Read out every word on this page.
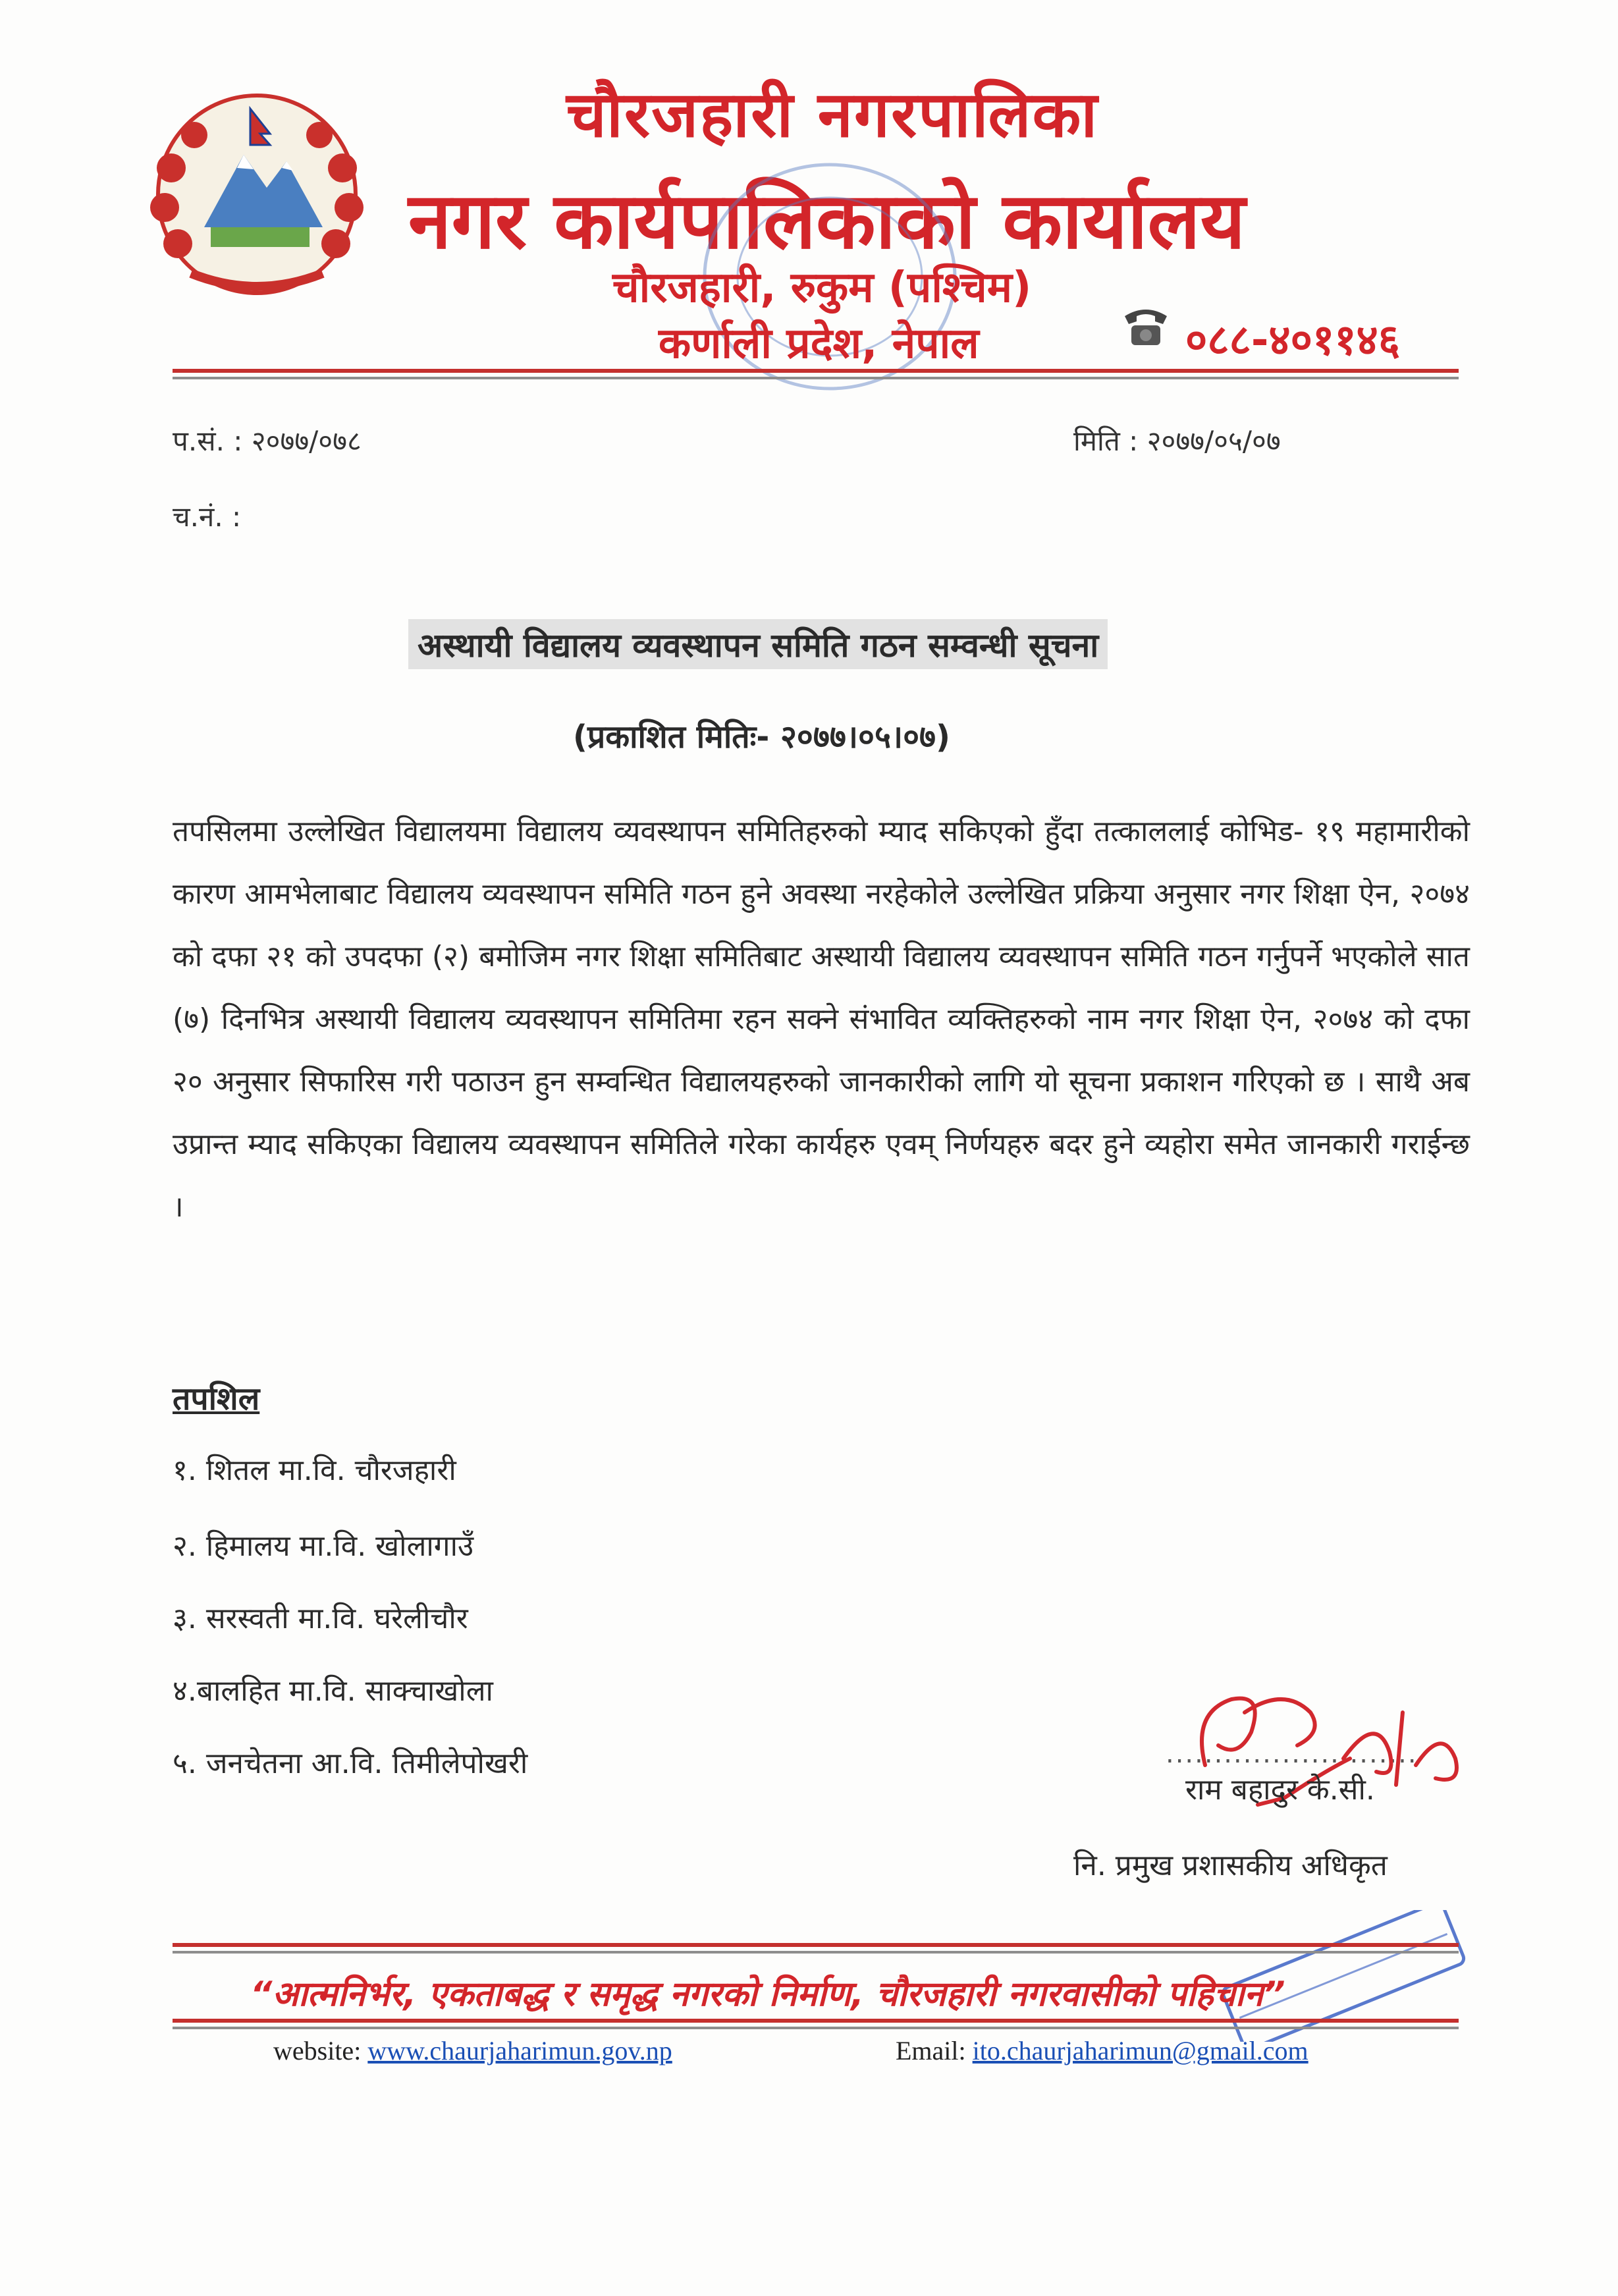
चौरजहारी नगरपालिका
नगर कार्यपालिकाको कार्यालय
चौरजहारी, रुकुम (पश्चिम)
कर्णाली प्रदेश, नेपाल	०८८-४०११४६
प.सं. : २०७७/०७८	मिति : २०७७/०५/०७
च.नं. :
अस्थायी विद्यालय व्यवस्थापन समिति गठन सम्वन्धी सूचना
(प्रकाशित मितिः- २०७७।०५।०७)
तपसिलमा उल्लेखित विद्यालयमा विद्यालय व्यवस्थापन समितिहरुको म्याद सकिएको हुँदा तत्काललाई कोभिड- १९ महामारीको कारण आमभेलाबाट विद्यालय व्यवस्थापन समिति गठन हुने अवस्था नरहेकोले उल्लेखित प्रक्रिया अनुसार नगर शिक्षा ऐन, २०७४ को दफा २१ को उपदफा (२) बमोजिम नगर शिक्षा समितिबाट अस्थायी विद्यालय व्यवस्थापन समिति गठन गर्नुपर्ने भएकोले सात (७) दिनभित्र अस्थायी विद्यालय व्यवस्थापन समितिमा रहन सक्ने संभावित व्यक्तिहरुको नाम नगर शिक्षा ऐन, २०७४ को दफा २० अनुसार सिफारिस गरी पठाउन हुन सम्वन्धित विद्यालयहरुको जानकारीको लागि यो सूचना प्रकाशन गरिएको छ । साथै अब उप्रान्त म्याद सकिएका विद्यालय व्यवस्थापन समितिले गरेका कार्यहरु एवम् निर्णयहरु बदर हुने व्यहोरा समेत जानकारी गराईन्छ ।
तपशिल
१. शितल मा.वि. चौरजहारी
२. हिमालय मा.वि. खोलागाउँ
३. सरस्वती मा.वि. घरेलीचौर
४.बालहित मा.वि. साक्चाखोला
५. जनचेतना आ.वि. तिमीलेपोखरी	..........................
राम बहादुर के.सी.
नि. प्रमुख प्रशासकीय अधिकृत
“आत्मनिर्भर, एकताबद्ध र समृद्ध नगरको निर्माण, चौरजहारी नगरवासीको पहिचान”
website: www.chaurjaharimun.gov.np	Email: ito.chaurjaharimun@gmail.com
